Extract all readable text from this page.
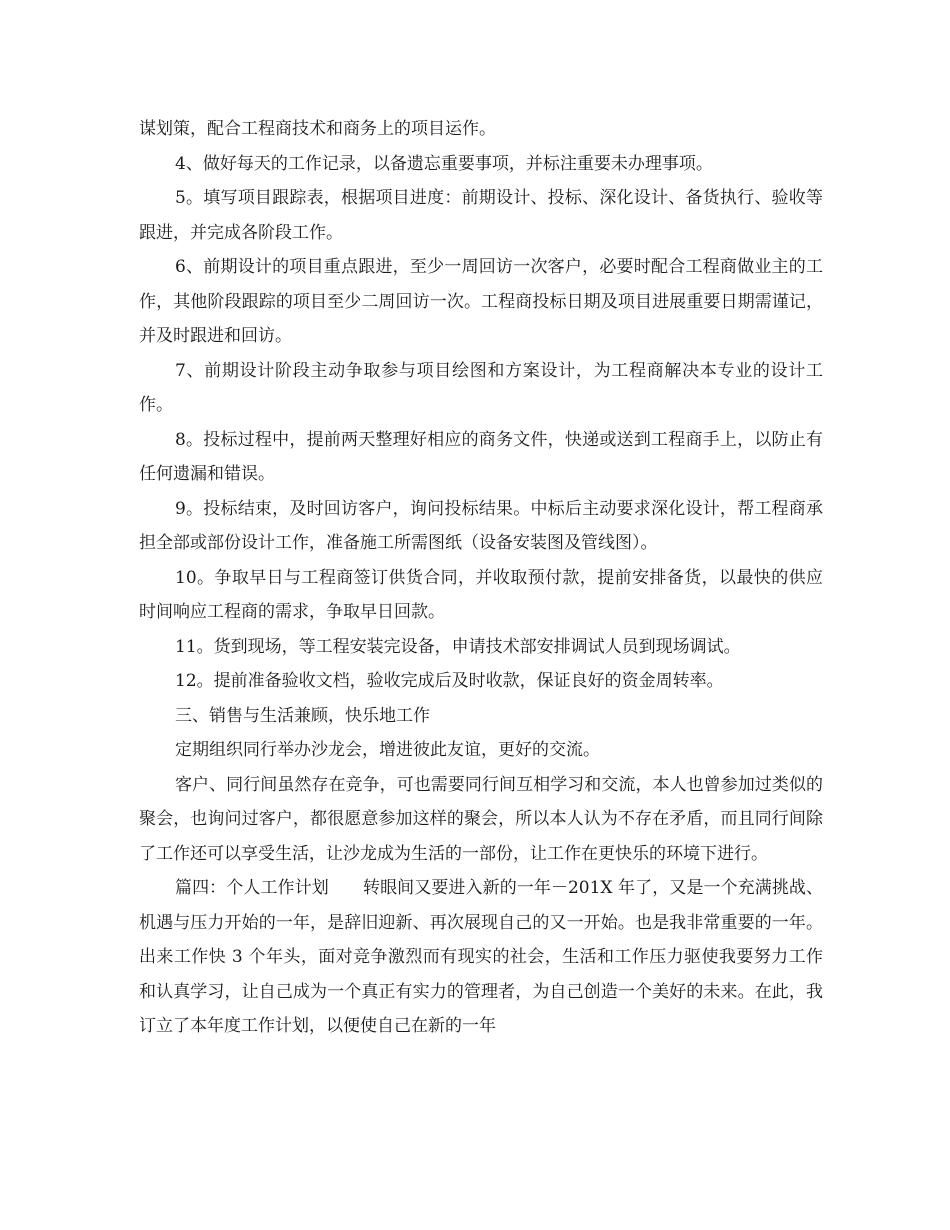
谋划策，配合工程商技术和商务上的项目运作。

4、做好每天的工作记录，以备遗忘重要事项，并标注重要未办理事项。

5。填写项目跟踪表，根据项目进度：前期设计、投标、深化设计、备货执行、验收等跟进，并完成各阶段工作。

6、前期设计的项目重点跟进，至少一周回访一次客户，必要时配合工程商做业主的工作，其他阶段跟踪的项目至少二周回访一次。工程商投标日期及项目进展重要日期需谨记，并及时跟进和回访。

7、前期设计阶段主动争取参与项目绘图和方案设计，为工程商解决本专业的设计工作。

8。投标过程中，提前两天整理好相应的商务文件，快递或送到工程商手上，以防止有任何遗漏和错误。

9。投标结束，及时回访客户，询问投标结果。中标后主动要求深化设计，帮工程商承担全部或部份设计工作，准备施工所需图纸（设备安装图及管线图）。

10。争取早日与工程商签订供货合同，并收取预付款，提前安排备货，以最快的供应时间响应工程商的需求，争取早日回款。

11。货到现场，等工程安装完设备，申请技术部安排调试人员到现场调试。

12。提前准备验收文档，验收完成后及时收款，保证良好的资金周转率。

三、销售与生活兼顾，快乐地工作

定期组织同行举办沙龙会，增进彼此友谊，更好的交流。

客户、同行间虽然存在竞争，可也需要同行间互相学习和交流，本人也曾参加过类似的聚会，也询问过客户，都很愿意参加这样的聚会，所以本人认为不存在矛盾，而且同行间除了工作还可以享受生活，让沙龙成为生活的一部份，让工作在更快乐的环境下进行。

篇四：个人工作计划　　转眼间又要进入新的一年－201X 年了，又是一个充满挑战、机遇与压力开始的一年，是辞旧迎新、再次展现自己的又一开始。也是我非常重要的一年。出来工作快 3 个年头，面对竞争激烈而有现实的社会，生活和工作压力驱使我要努力工作和认真学习，让自己成为一个真正有实力的管理者，为自己创造一个美好的未来。在此，我订立了本年度工作计划，以便使自己在新的一年
